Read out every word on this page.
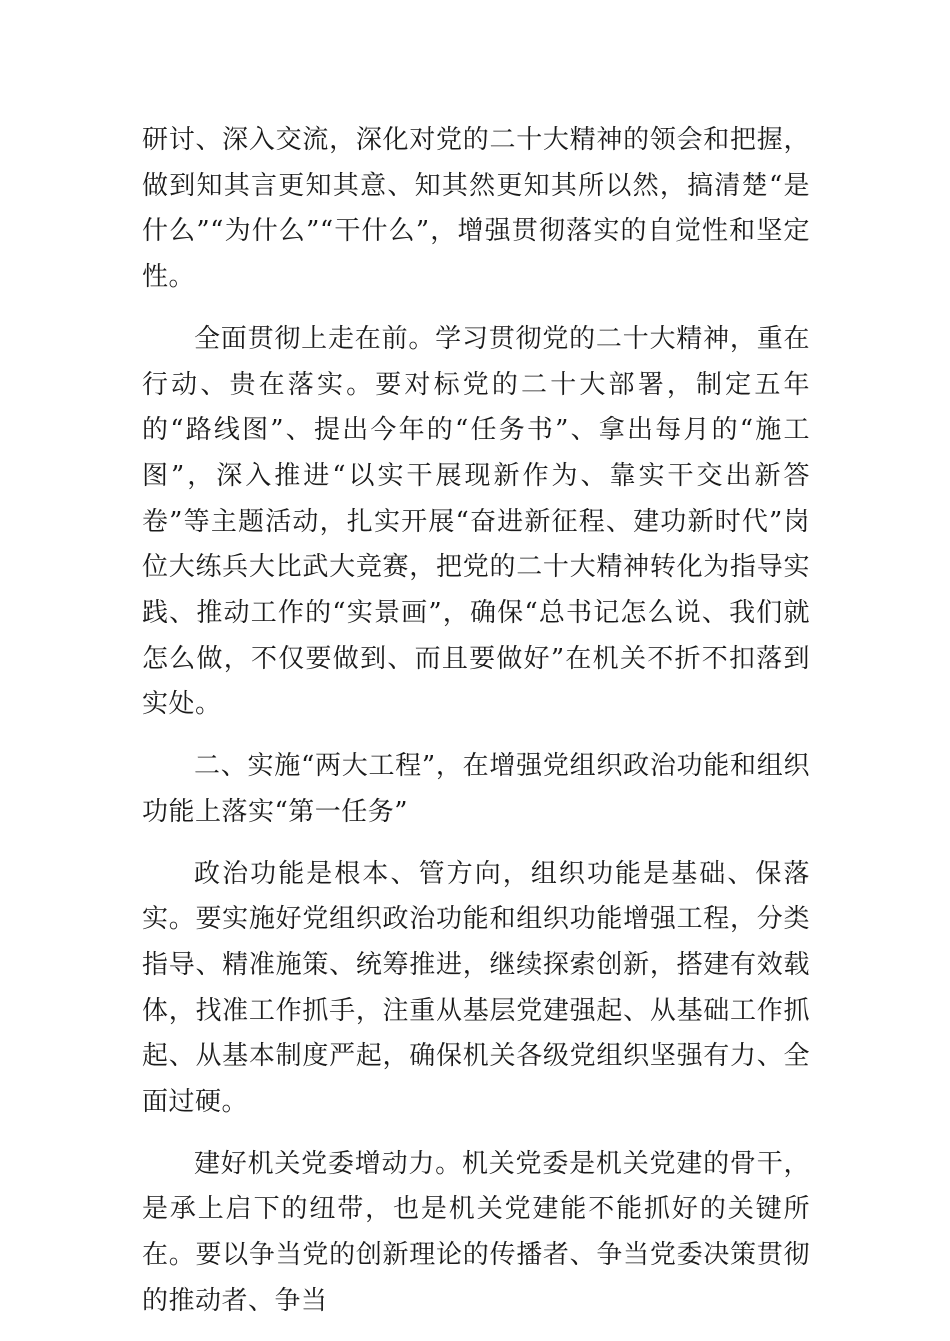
研讨、深入交流，深化对党的二十大精神的领会和把握，做到知其言更知其意、知其然更知其所以然，搞清楚“是什么”“为什么”“干什么”，增强贯彻落实的自觉性和坚定性。

全面贯彻上走在前。学习贯彻党的二十大精神，重在行动、贵在落实。要对标党的二十大部署，制定五年的“路线图”、提出今年的“任务书”、拿出每月的“施工图”，深入推进“以实干展现新作为、靠实干交出新答卷”等主题活动，扎实开展“奋进新征程、建功新时代”岗位大练兵大比武大竞赛，把党的二十大精神转化为指导实践、推动工作的“实景画”，确保“总书记怎么说、我们就怎么做，不仅要做到、而且要做好”在机关不折不扣落到实处。

二、实施“两大工程”，在增强党组织政治功能和组织功能上落实“第一任务”

政治功能是根本、管方向，组织功能是基础、保落实。要实施好党组织政治功能和组织功能增强工程，分类指导、精准施策、统筹推进，继续探索创新，搭建有效载体，找准工作抓手，注重从基层党建强起、从基础工作抓起、从基本制度严起，确保机关各级党组织坚强有力、全面过硬。

建好机关党委增动力。机关党委是机关党建的骨干，是承上启下的纽带，也是机关党建能不能抓好的关键所在。要以争当党的创新理论的传播者、争当党委决策贯彻的推动者、争当
